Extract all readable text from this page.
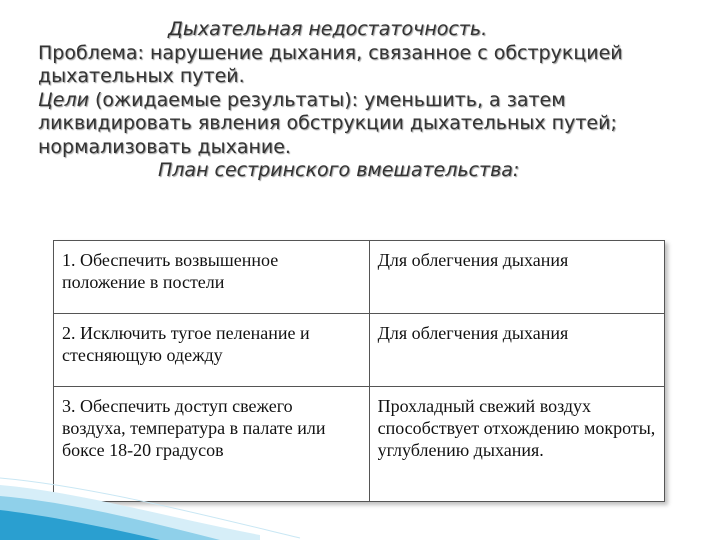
Дыхательная недостаточность.
Проблема: нарушение дыхания, связанное с обструкцией
дыхательных путей.
Цели (ожидаемые результаты): уменьшить, а затем
ликвидировать явления обструкции дыхательных путей;
нормализовать дыхание.
План сестринского вмешательства:
1. Обеспечить возвышенное положение в постели	Для облегчения дыхания
2. Исключить тугое пеленание и стесняющую одежду	Для облегчения дыхания
3. Обеспечить доступ свежего воздуха, температура в палате или боксе 18-20 градусов	Прохладный свежий воздух способствует отхождению мокроты, углублению дыхания.
